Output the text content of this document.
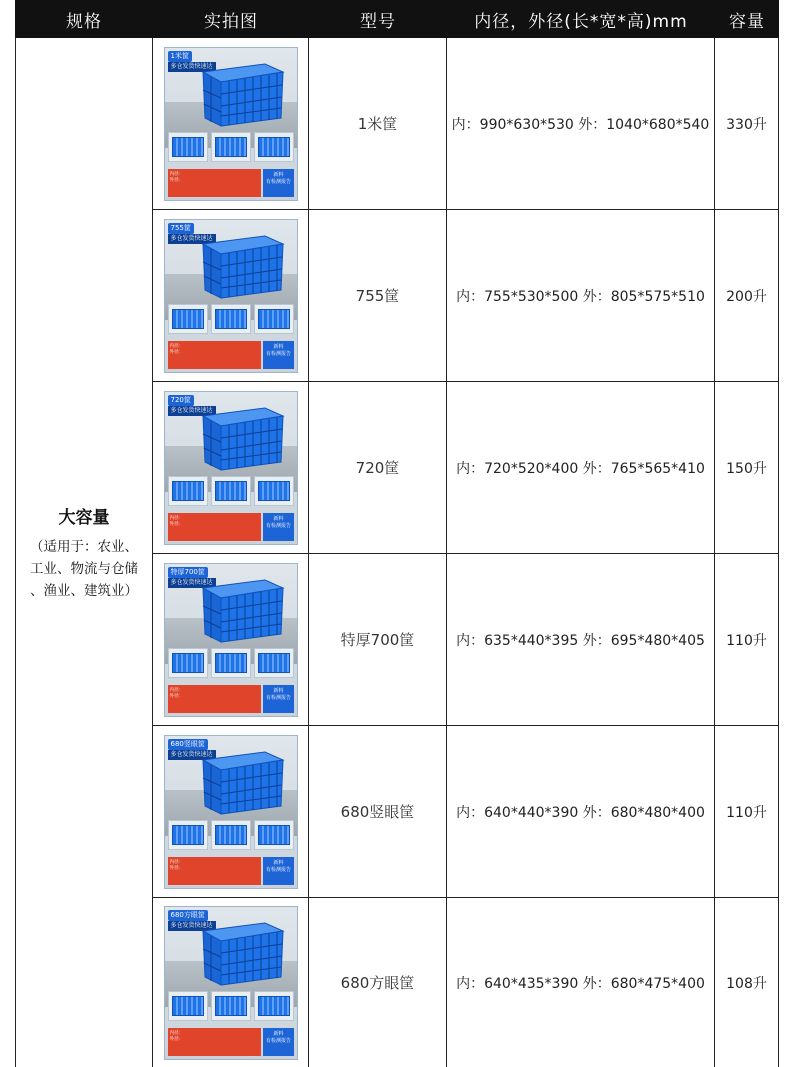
规格	实拍图	型号	内径，外径(长*宽*高)mm	容量
大容量
（适用于：农业、
工业、物流与仓储
、渔业、建筑业）
1米筐
多仓发货快速达
内径：
外径：
新料
有检测报告
1米筐	内：990*630*530 外：1040*680*540	330升
755筐
多仓发货快速达
内径：
外径：
新料
有检测报告
755筐	内：755*530*500 外：805*575*510	200升
720筐
多仓发货快速达
内径：
外径：
新料
有检测报告
720筐	内：720*520*400 外：765*565*410	150升
特厚700筐
多仓发货快速达
内径：
外径：
新料
有检测报告
特厚700筐	内：635*440*395 外：695*480*405	110升
680竖眼筐
多仓发货快速达
内径：
外径：
新料
有检测报告
680竖眼筐	内：640*440*390 外：680*480*400	110升
680方眼筐
多仓发货快速达
内径：
外径：
新料
有检测报告
680方眼筐	内：640*435*390 外：680*475*400	108升
